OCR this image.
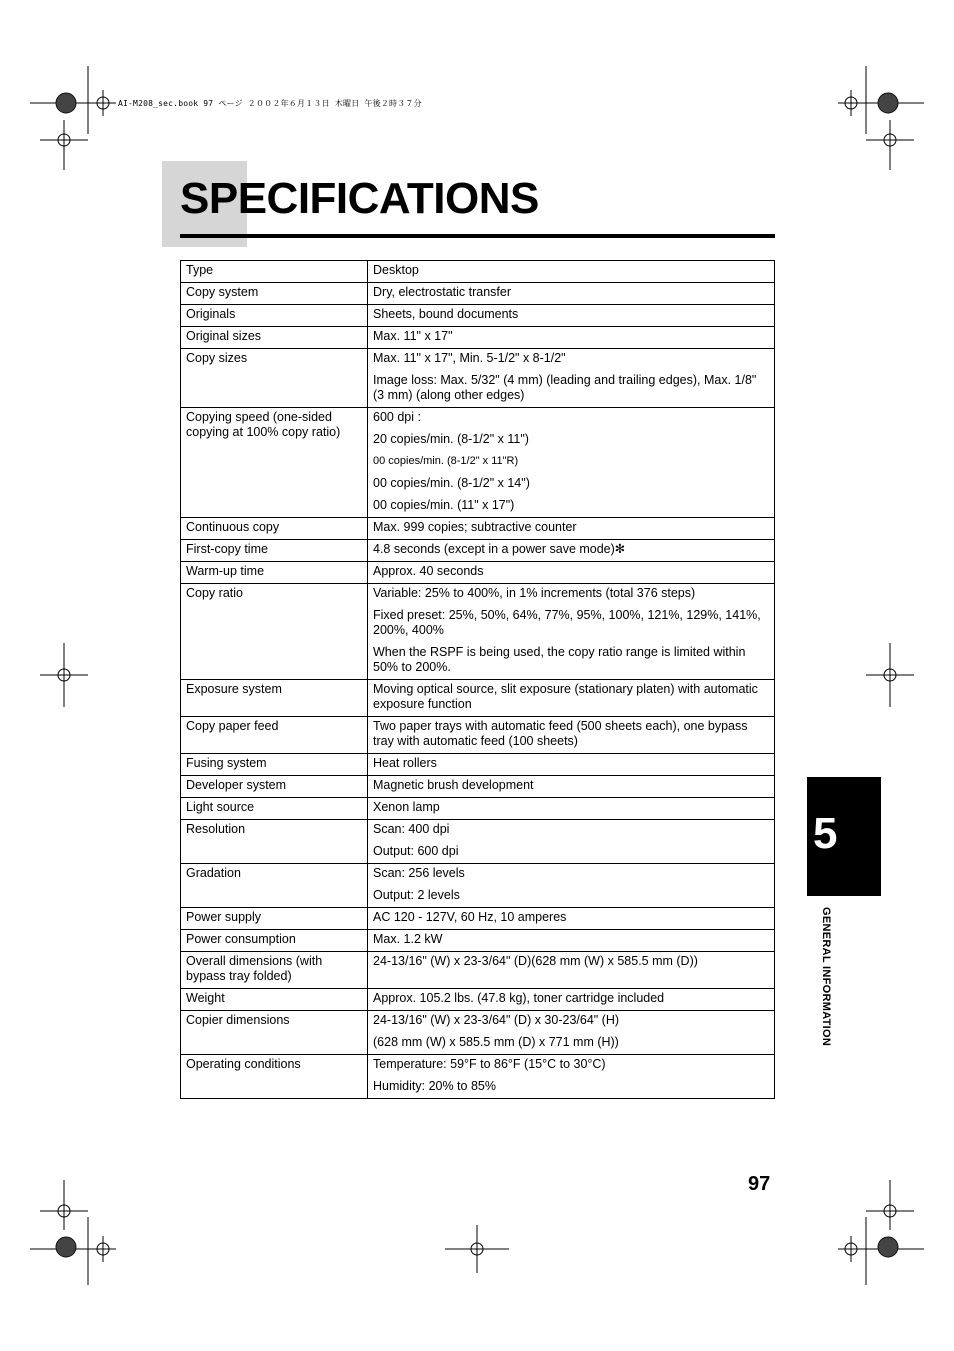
AI-M208_sec.book 97 ページ ２００２年６月１３日 木曜日 午後２時３７分
SPECIFICATIONS
Type	Desktop

Copy system	Dry, electrostatic transfer

Originals	Sheets, bound documents

Original sizes	Max. 11" x 17"

Copy sizes	Max. 11" x 17", Min. 5-1/2" x 8-1/2"
Image loss: Max. 5/32" (4 mm) (leading and trailing edges), Max. 1/8" (3 mm) (along other edges)

Copying speed (one-sided copying at 100% copy ratio)	600 dpi :
20 copies/min. (8-1/2" x 11")
00 copies/min. (8-1/2" x 11"R)
00 copies/min. (8-1/2" x 14")
00 copies/min. (11" x 17")

Continuous copy	Max. 999 copies; subtractive counter

First-copy time	4.8 seconds (except in a power save mode)✻

Warm-up time	Approx. 40 seconds

Copy ratio	Variable: 25% to 400%, in 1% increments (total 376 steps)
Fixed preset: 25%, 50%, 64%, 77%, 95%, 100%, 121%, 129%, 141%, 200%, 400%
When the RSPF is being used, the copy ratio range is limited within 50% to 200%.

Exposure system	Moving optical source, slit exposure (stationary platen) with automatic exposure function

Copy paper feed	Two paper trays with automatic feed (500 sheets each), one bypass tray with automatic feed (100 sheets)

Fusing system	Heat rollers

Developer system	Magnetic brush development

Light source	Xenon lamp

Resolution	Scan: 400 dpi
Output: 600 dpi

Gradation	Scan: 256 levels
Output: 2 levels

Power supply	AC 120 - 127V, 60 Hz, 10 amperes

Power consumption	Max. 1.2 kW

Overall dimensions (with bypass tray folded)	24-13/16" (W) x 23-3/64" (D)(628 mm (W) x 585.5 mm (D))

Weight	Approx. 105.2 lbs. (47.8 kg), toner cartridge included

Copier dimensions	24-13/16" (W) x 23-3/64" (D) x 30-23/64" (H)
(628 mm (W) x 585.5 mm (D) x 771 mm (H))

Operating conditions	Temperature: 59°F to 86°F (15°C to 30°C)
Humidity: 20% to 85%
5
GENERAL INFORMATION
97
